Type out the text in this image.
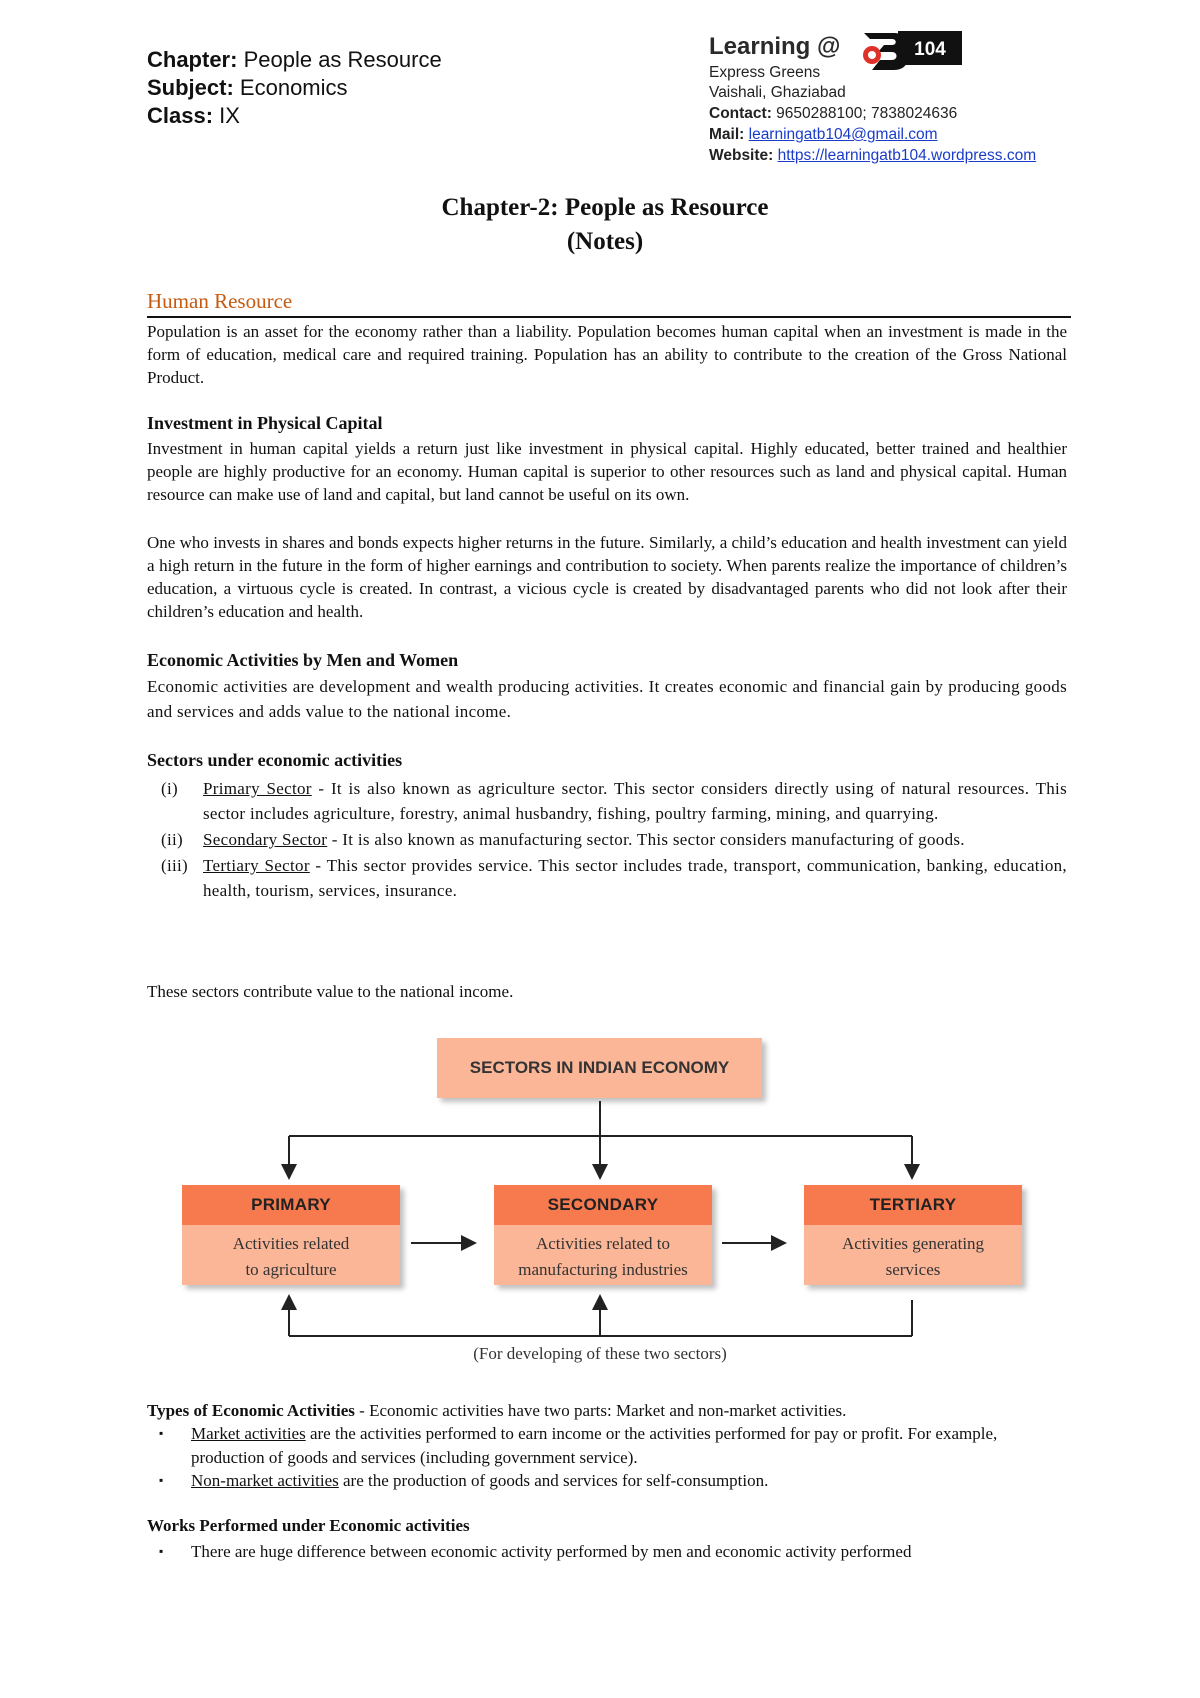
Chapter: People as Resource
Subject: Economics
Class: IX
Learning @	104
Express Greens
Vaishali, Ghaziabad
Contact: 9650288100; 7838024636
Mail: learningatb104@gmail.com
Website: https://learningatb104.wordpress.com
Chapter-2: People as Resource
(Notes)
Human Resource
Population is an asset for the economy rather than a liability. Population becomes human capital when an investment is made in the form of education, medical care and required training. Population has an ability to contribute to the creation of the Gross National Product.
Investment in Physical Capital
Investment in human capital yields a return just like investment in physical capital. Highly educated, better trained and healthier people are highly productive for an economy. Human capital is superior to other resources such as land and physical capital. Human resource can make use of land and capital, but land cannot be useful on its own.
One who invests in shares and bonds expects higher returns in the future. Similarly, a child’s education and health investment can yield a high return in the future in the form of higher earnings and contribution to society. When parents realize the importance of children’s education, a virtuous cycle is created. In contrast, a vicious cycle is created by disadvantaged parents who did not look after their children’s education and health.
Economic Activities by Men and Women
Economic activities are development and wealth producing activities. It creates economic and financial gain by producing goods and services and adds value to the national income.
Sectors under economic activities
(i)	Primary Sector - It is also known as agriculture sector. This sector considers directly using of natural resources. This sector includes agriculture, forestry, animal husbandry, fishing, poultry farming, mining, and quarrying.
(ii)	Secondary Sector - It is also known as manufacturing sector. This sector considers manufacturing of goods.
(iii) Tertiary Sector - This sector provides service. This sector includes trade, transport, communication, banking, education, health, tourism, services, insurance.
These sectors contribute value to the national income.
SECTORS IN INDIAN ECONOMY
PRIMARY
Activities related
to agriculture
SECONDARY
Activities related to
manufacturing industries
TERTIARY
Activities generating
services
(For developing of these two sectors)
Types of Economic Activities - Economic activities have two parts: Market and non-market activities.
▪	Market activities are the activities performed to earn income or the activities performed for pay or profit. For example, production of goods and services (including government service).
▪	Non-market activities are the production of goods and services for self-consumption.
Works Performed under Economic activities
▪	There are huge difference between economic activity performed by men and economic activity performed
